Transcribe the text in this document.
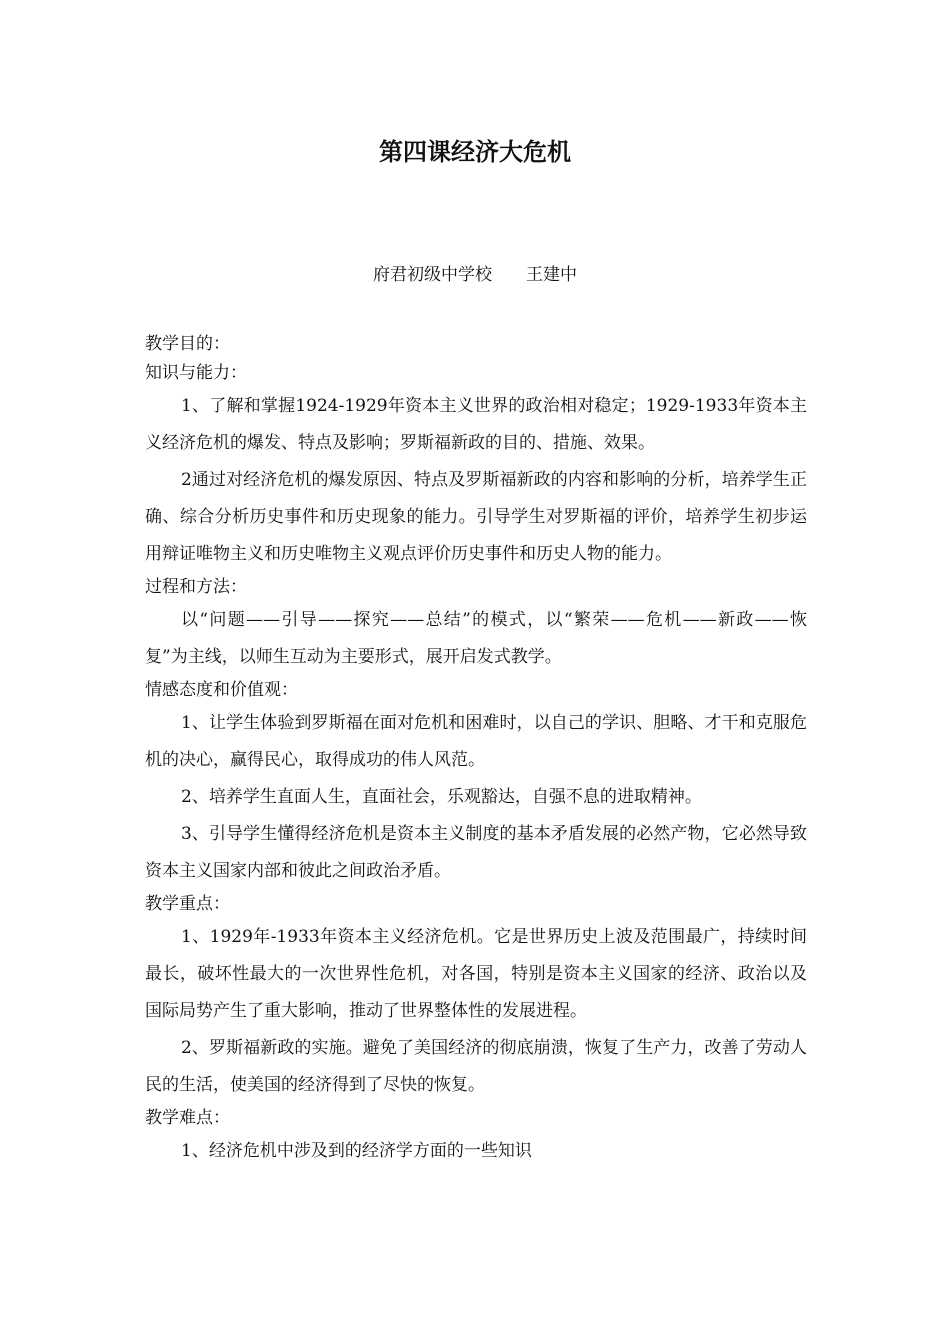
第四课经济大危机
府君初级中学校 王建中
教学目的：
知识与能力：
1、了解和掌握1924-1929年资本主义世界的政治相对稳定；1929-1933年资本主义经济危机的爆发、特点及影响；罗斯福新政的目的、措施、效果。
2通过对经济危机的爆发原因、特点及罗斯福新政的内容和影响的分析，培养学生正确、综合分析历史事件和历史现象的能力。引导学生对罗斯福的评价，培养学生初步运用辩证唯物主义和历史唯物主义观点评价历史事件和历史人物的能力。
过程和方法：
以“问题——引导——探究——总结”的模式，以“繁荣——危机——新政——恢复”为主线，以师生互动为主要形式，展开启发式教学。
情感态度和价值观：
1、让学生体验到罗斯福在面对危机和困难时，以自己的学识、胆略、才干和克服危机的决心，赢得民心，取得成功的伟人风范。
2、培养学生直面人生，直面社会，乐观豁达，自强不息的进取精神。
3、引导学生懂得经济危机是资本主义制度的基本矛盾发展的必然产物，它必然导致资本主义国家内部和彼此之间政治矛盾。
教学重点：
1、1929年-1933年资本主义经济危机。它是世界历史上波及范围最广，持续时间最长，破坏性最大的一次世界性危机，对各国，特别是资本主义国家的经济、政治以及国际局势产生了重大影响，推动了世界整体性的发展进程。
2、罗斯福新政的实施。避免了美国经济的彻底崩溃，恢复了生产力，改善了劳动人民的生活，使美国的经济得到了尽快的恢复。
教学难点：
1、经济危机中涉及到的经济学方面的一些知识
